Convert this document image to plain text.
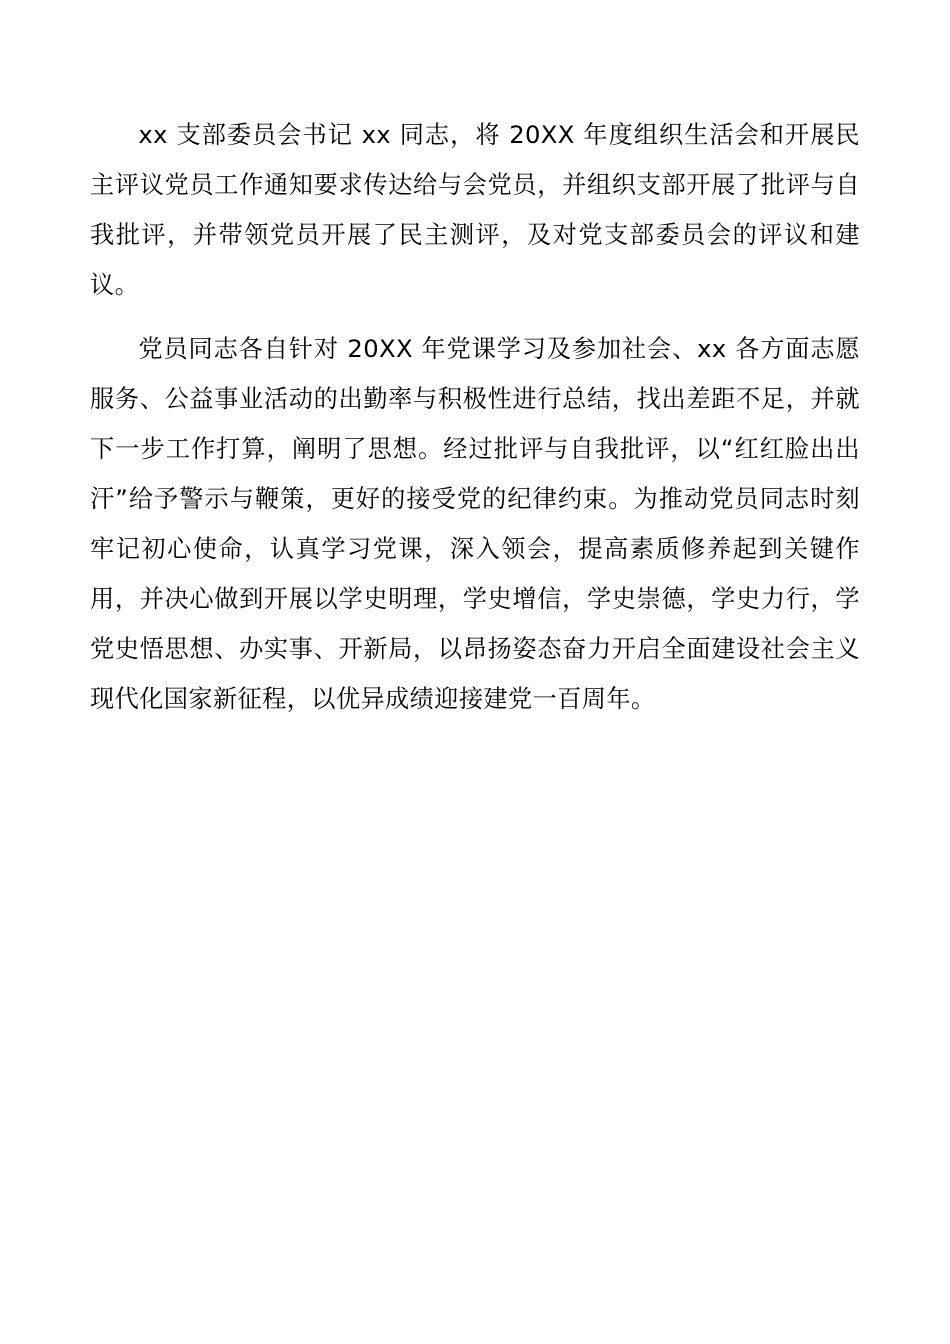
xx 支部委员会书记 xx 同志，将 20XX 年度组织生活会和开展民主评议党员工作通知要求传达给与会党员，并组织支部开展了批评与自我批评，并带领党员开展了民主测评，及对党支部委员会的评议和建议。

党员同志各自针对 20XX 年党课学习及参加社会、xx 各方面志愿服务、公益事业活动的出勤率与积极性进行总结，找出差距不足，并就下一步工作打算，阐明了思想。经过批评与自我批评，以“红红脸出出汗”给予警示与鞭策，更好的接受党的纪律约束。为推动党员同志时刻牢记初心使命，认真学习党课，深入领会，提高素质修养起到关键作用，并决心做到开展以学史明理，学史增信，学史崇德，学史力行，学党史悟思想、办实事、开新局，以昂扬姿态奋力开启全面建设社会主义现代化国家新征程，以优异成绩迎接建党一百周年。
